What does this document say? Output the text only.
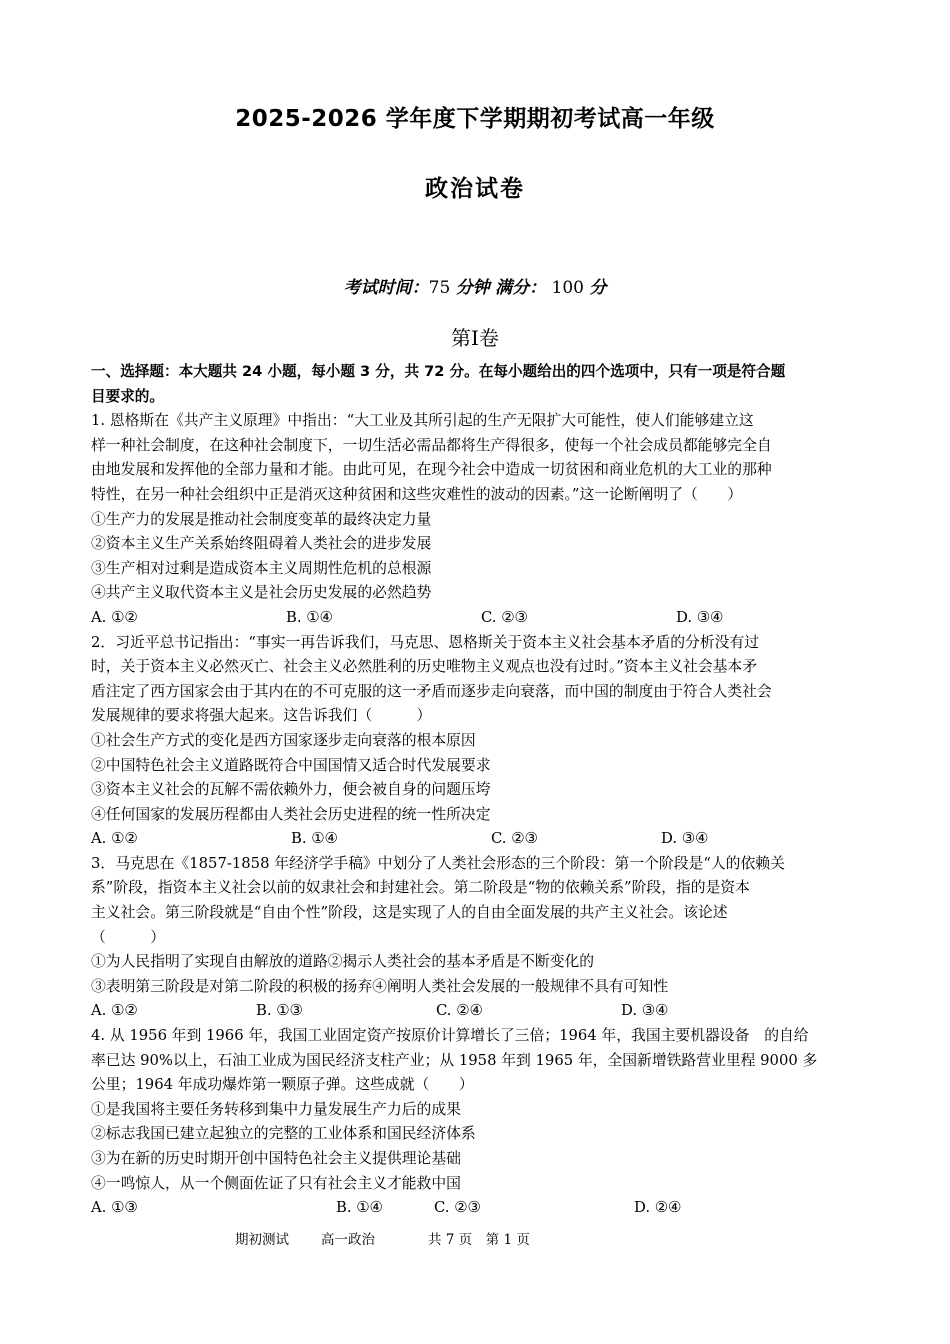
2025-2026 学年度下学期期初考试高一年级
政治试卷
考试时间：75 分钟 满分： 100 分
第Ⅰ卷
一、选择题：本大题共 24 小题，每小题 3 分，共 72 分。在每小题给出的四个选项中，只有一项是符合题
目要求的。
1. 恩格斯在《共产主义原理》中指出：“大工业及其所引起的生产无限扩大可能性，使人们能够建立这
样一种社会制度，在这种社会制度下，一切生活必需品都将生产得很多，使每一个社会成员都能够完全自
由地发展和发挥他的全部力量和才能。由此可见，在现今社会中造成一切贫困和商业危机的大工业的那种
特性，在另一种社会组织中正是消灭这种贫困和这些灾难性的波动的因素。”这一论断阐明了（　　）
①生产力的发展是推动社会制度变革的最终决定力量
②资本主义生产关系始终阻碍着人类社会的进步发展
③生产相对过剩是造成资本主义周期性危机的总根源
④共产主义取代资本主义是社会历史发展的必然趋势
A. ①②	B. ①④	C. ②③	D. ③④
2．习近平总书记指出：“事实一再告诉我们，马克思、恩格斯关于资本主义社会基本矛盾的分析没有过
时，关于资本主义必然灭亡、社会主义必然胜利的历史唯物主义观点也没有过时。”资本主义社会基本矛
盾注定了西方国家会由于其内在的不可克服的这一矛盾而逐步走向衰落，而中国的制度由于符合人类社会
发展规律的要求将强大起来。这告诉我们（　　　）
①社会生产方式的变化是西方国家逐步走向衰落的根本原因
②中国特色社会主义道路既符合中国国情又适合时代发展要求
③资本主义社会的瓦解不需依赖外力，便会被自身的问题压垮
④任何国家的发展历程都由人类社会历史进程的统一性所决定
A. ①②	B. ①④	C. ②③	D. ③④
3．马克思在《1857-1858 年经济学手稿》中划分了人类社会形态的三个阶段：第一个阶段是“人的依赖关
系”阶段，指资本主义社会以前的奴隶社会和封建社会。第二阶段是“物的依赖关系”阶段，指的是资本
主义社会。第三阶段就是“自由个性”阶段，这是实现了人的自由全面发展的共产主义社会。该论述
（　　　）
①为人民指明了实现自由解放的道路②揭示人类社会的基本矛盾是不断变化的
③表明第三阶段是对第二阶段的积极的扬弃④阐明人类社会发展的一般规律不具有可知性
A. ①②	B. ①③	C. ②④	D. ③④
4. 从 1956 年到 1966 年，我国工业固定资产按原价计算增长了三倍；1964 年，我国主要机器设备　的自给
率已达 90%以上，石油工业成为国民经济支柱产业；从 1958 年到 1965 年，全国新增铁路营业里程 9000 多
公里；1964 年成功爆炸第一颗原子弹。这些成就（　　）
①是我国将主要任务转移到集中力量发展生产力后的成果
②标志我国已建立起独立的完整的工业体系和国民经济体系
③为在新的历史时期开创中国特色社会主义提供理论基础
④一鸣惊人，从一个侧面佐证了只有社会主义才能救中国
A. ①③	B. ①④	C. ②③	D. ②④
期初测试 高一政治	共 7 页　第 1 页
